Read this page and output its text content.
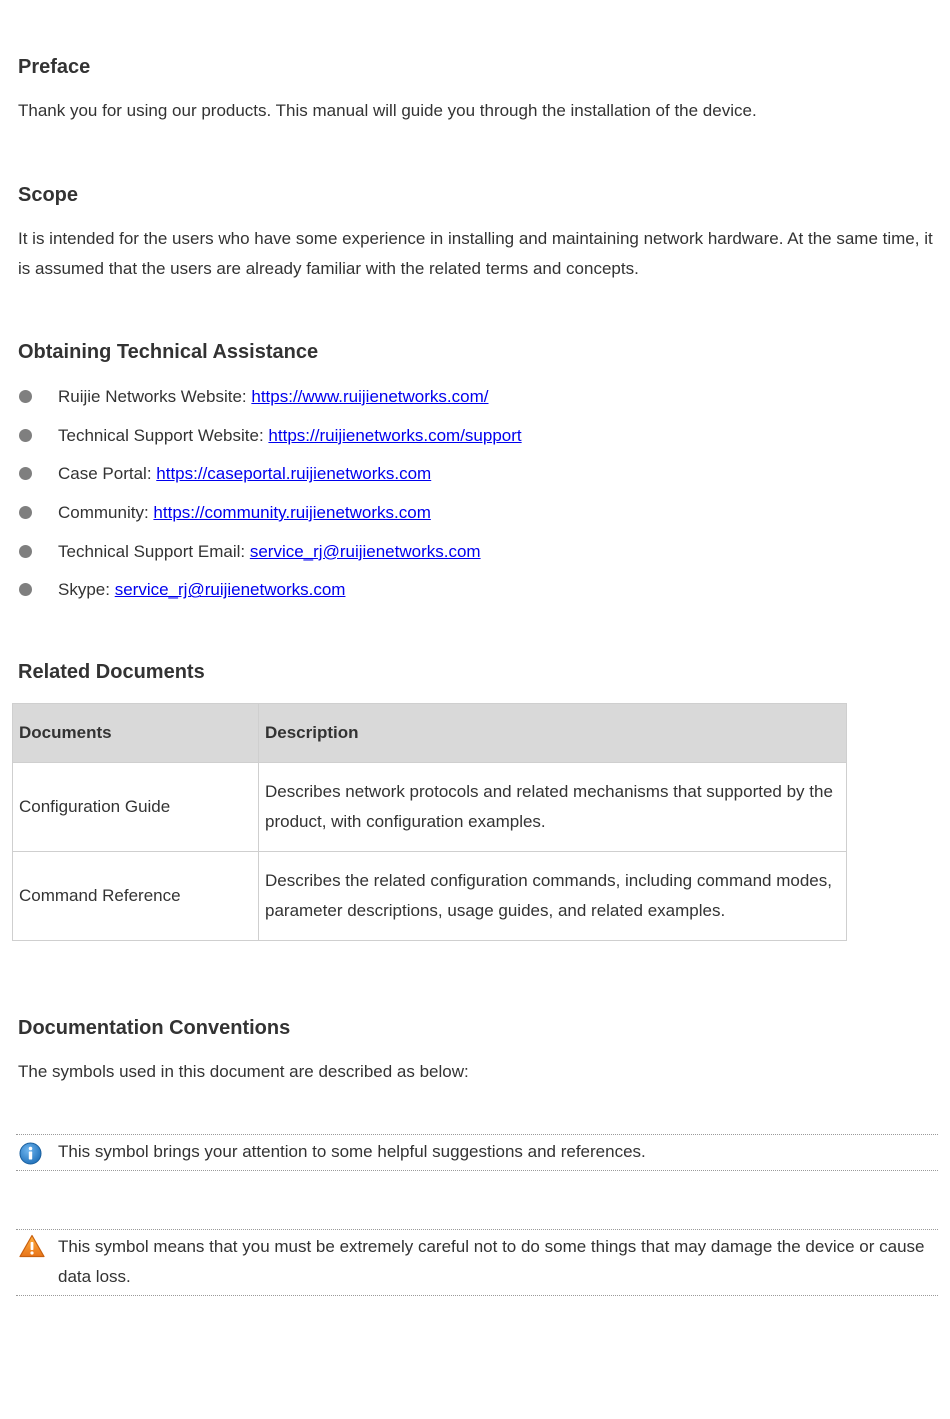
Preface

Thank you for using our products. This manual will guide you through the installation of the device.

Scope

It is intended for the users who have some experience in installing and maintaining network hardware. At the same time, it

is assumed that the users are already familiar with the related terms and concepts.

Obtaining Technical Assistance
Ruijie Networks Website: https://www.ruijienetworks.com/
Technical Support Website: https://ruijienetworks.com/support
Case Portal: https://caseportal.ruijienetworks.com
Community: https://community.ruijienetworks.com
Technical Support Email: service_rj@ruijienetworks.com
Skype: service_rj@ruijienetworks.com
Related Documents
Documents	Description
Configuration Guide	Describes network protocols and related mechanisms that supported by the
product, with configuration examples.

Command Reference	Describes the related configuration commands, including command modes,
parameter descriptions, usage guides, and related examples.
Documentation Conventions

The symbols used in this document are described as below:

This symbol brings your attention to some helpful suggestions and references.
This symbol means that you must be extremely careful not to do some things that may damage the device or cause
data loss.
